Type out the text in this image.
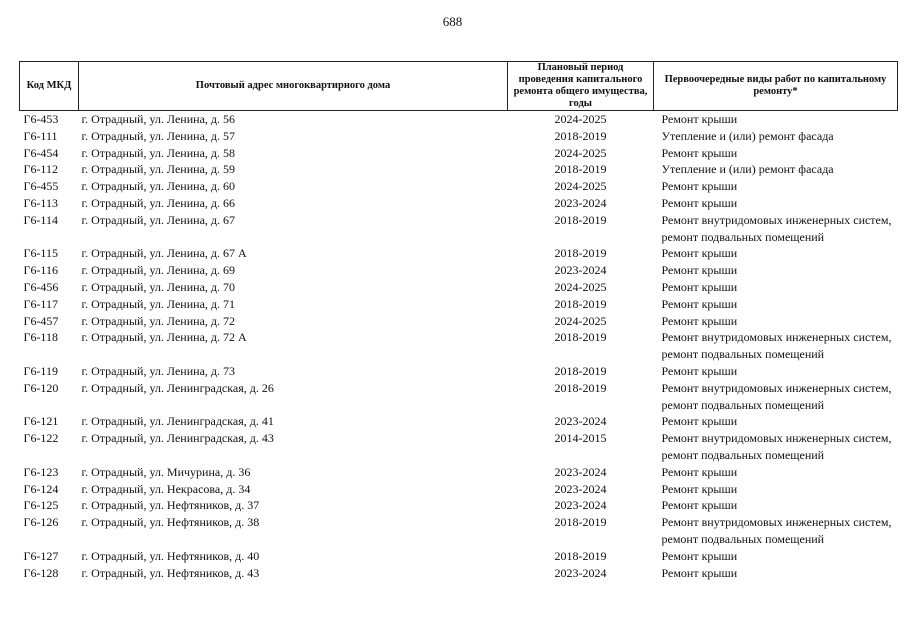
688
Код МКД	Почтовый адрес многоквартирного дома	Плановый период проведения капитального ремонта общего имущества, годы	Первоочередные виды работ по капитальному ремонту*
Г6-453	г. Отрадный, ул. Ленина, д. 56	2024-2025	Ремонт крыши

Г6-111	г. Отрадный, ул. Ленина, д. 57	2018-2019	Утепление и (или) ремонт фасада

Г6-454	г. Отрадный, ул. Ленина, д. 58	2024-2025	Ремонт крыши

Г6-112	г. Отрадный, ул. Ленина, д. 59	2018-2019	Утепление и (или) ремонт фасада

Г6-455	г. Отрадный, ул. Ленина, д. 60	2024-2025	Ремонт крыши

Г6-113	г. Отрадный, ул. Ленина, д. 66	2023-2024	Ремонт крыши

Г6-114	г. Отрадный, ул. Ленина, д. 67	2018-2019	Ремонт внутридомовых инженерных систем,
ремонт подвальных помещений

Г6-115	г. Отрадный, ул. Ленина, д. 67 А	2018-2019	Ремонт крыши

Г6-116	г. Отрадный, ул. Ленина, д. 69	2023-2024	Ремонт крыши

Г6-456	г. Отрадный, ул. Ленина, д. 70	2024-2025	Ремонт крыши

Г6-117	г. Отрадный, ул. Ленина, д. 71	2018-2019	Ремонт крыши

Г6-457	г. Отрадный, ул. Ленина, д. 72	2024-2025	Ремонт крыши

Г6-118	г. Отрадный, ул. Ленина, д. 72 А	2018-2019	Ремонт внутридомовых инженерных систем,
ремонт подвальных помещений

Г6-119	г. Отрадный, ул. Ленина, д. 73	2018-2019	Ремонт крыши

Г6-120	г. Отрадный, ул. Ленинградская, д. 26	2018-2019	Ремонт внутридомовых инженерных систем,
ремонт подвальных помещений

Г6-121	г. Отрадный, ул. Ленинградская, д. 41	2023-2024	Ремонт крыши

Г6-122	г. Отрадный, ул. Ленинградская, д. 43	2014-2015	Ремонт внутридомовых инженерных систем,
ремонт подвальных помещений

Г6-123	г. Отрадный, ул. Мичурина, д. 36	2023-2024	Ремонт крыши

Г6-124	г. Отрадный, ул. Некрасова, д. 34	2023-2024	Ремонт крыши

Г6-125	г. Отрадный, ул. Нефтяников, д. 37	2023-2024	Ремонт крыши

Г6-126	г. Отрадный, ул. Нефтяников, д. 38	2018-2019	Ремонт внутридомовых инженерных систем,
ремонт подвальных помещений

Г6-127	г. Отрадный, ул. Нефтяников, д. 40	2018-2019	Ремонт крыши

Г6-128	г. Отрадный, ул. Нефтяников, д. 43	2023-2024	Ремонт крыши
